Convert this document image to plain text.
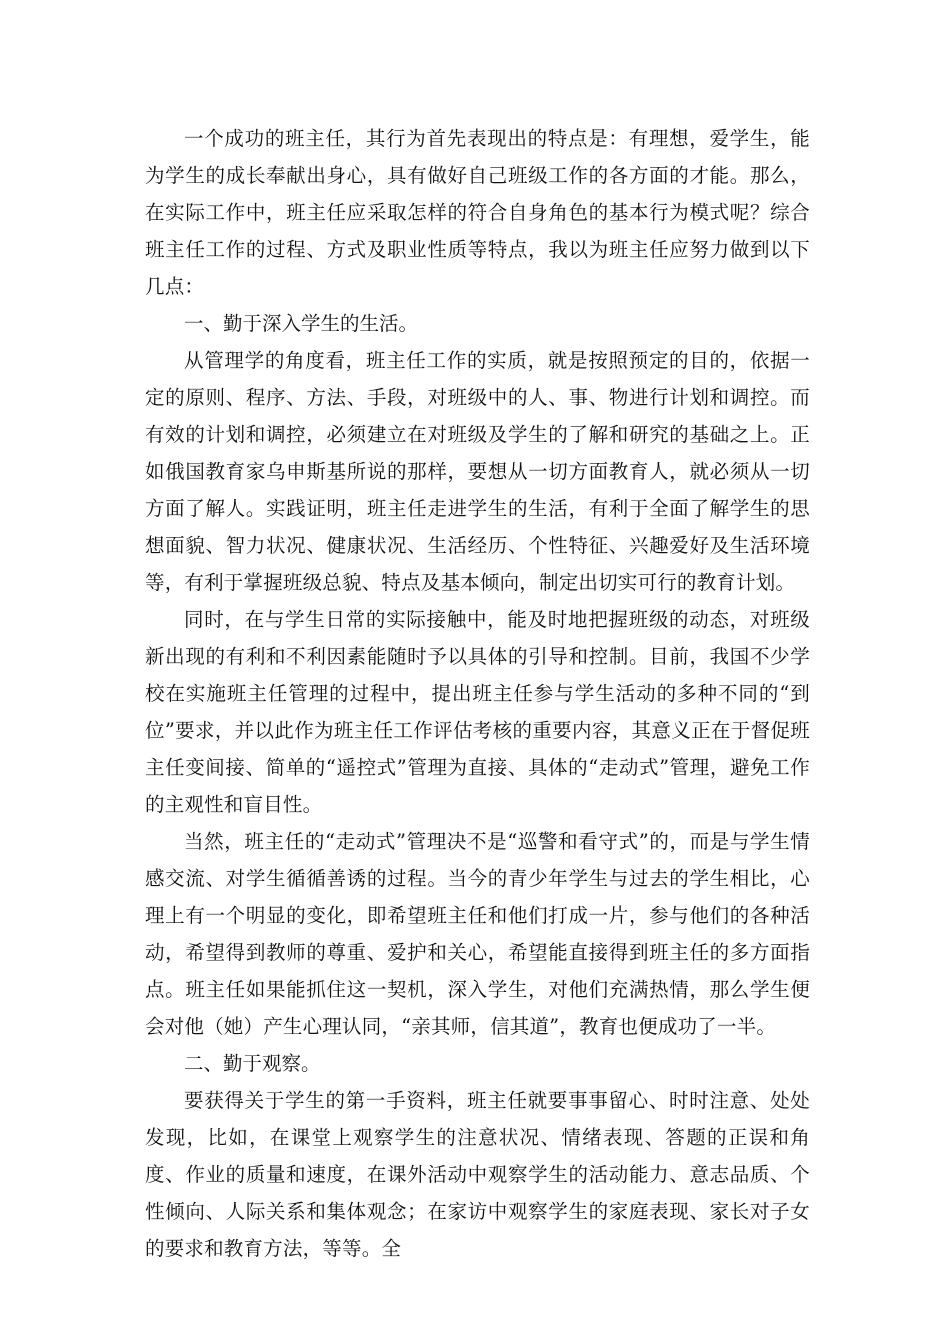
一个成功的班主任，其行为首先表现出的特点是：有理想，爱学生，能为学生的成长奉献出身心，具有做好自己班级工作的各方面的才能。那么，在实际工作中，班主任应采取怎样的符合自身角色的基本行为模式呢？综合班主任工作的过程、方式及职业性质等特点，我以为班主任应努力做到以下几点：

一、勤于深入学生的生活。

从管理学的角度看，班主任工作的实质，就是按照预定的目的，依据一定的原则、程序、方法、手段，对班级中的人、事、物进行计划和调控。而有效的计划和调控，必须建立在对班级及学生的了解和研究的基础之上。正如俄国教育家乌申斯基所说的那样，要想从一切方面教育人，就必须从一切方面了解人。实践证明，班主任走进学生的生活，有利于全面了解学生的思想面貌、智力状况、健康状况、生活经历、个性特征、兴趣爱好及生活环境等，有利于掌握班级总貌、特点及基本倾向，制定出切实可行的教育计划。

同时，在与学生日常的实际接触中，能及时地把握班级的动态，对班级新出现的有利和不利因素能随时予以具体的引导和控制。目前，我国不少学校在实施班主任管理的过程中，提出班主任参与学生活动的多种不同的“到位”要求，并以此作为班主任工作评估考核的重要内容，其意义正在于督促班主任变间接、简单的“遥控式”管理为直接、具体的“走动式”管理，避免工作的主观性和盲目性。

当然，班主任的“走动式”管理决不是“巡警和看守式”的，而是与学生情感交流、对学生循循善诱的过程。当今的青少年学生与过去的学生相比，心理上有一个明显的变化，即希望班主任和他们打成一片，参与他们的各种活动，希望得到教师的尊重、爱护和关心，希望能直接得到班主任的多方面指点。班主任如果能抓住这一契机，深入学生，对他们充满热情，那么学生便会对他（她）产生心理认同，“亲其师，信其道”，教育也便成功了一半。

二、勤于观察。

要获得关于学生的第一手资料，班主任就要事事留心、时时注意、处处发现，比如，在课堂上观察学生的注意状况、情绪表现、答题的正误和角度、作业的质量和速度，在课外活动中观察学生的活动能力、意志品质、个性倾向、人际关系和集体观念；在家访中观察学生的家庭表现、家长对子女的要求和教育方法，等等。全
